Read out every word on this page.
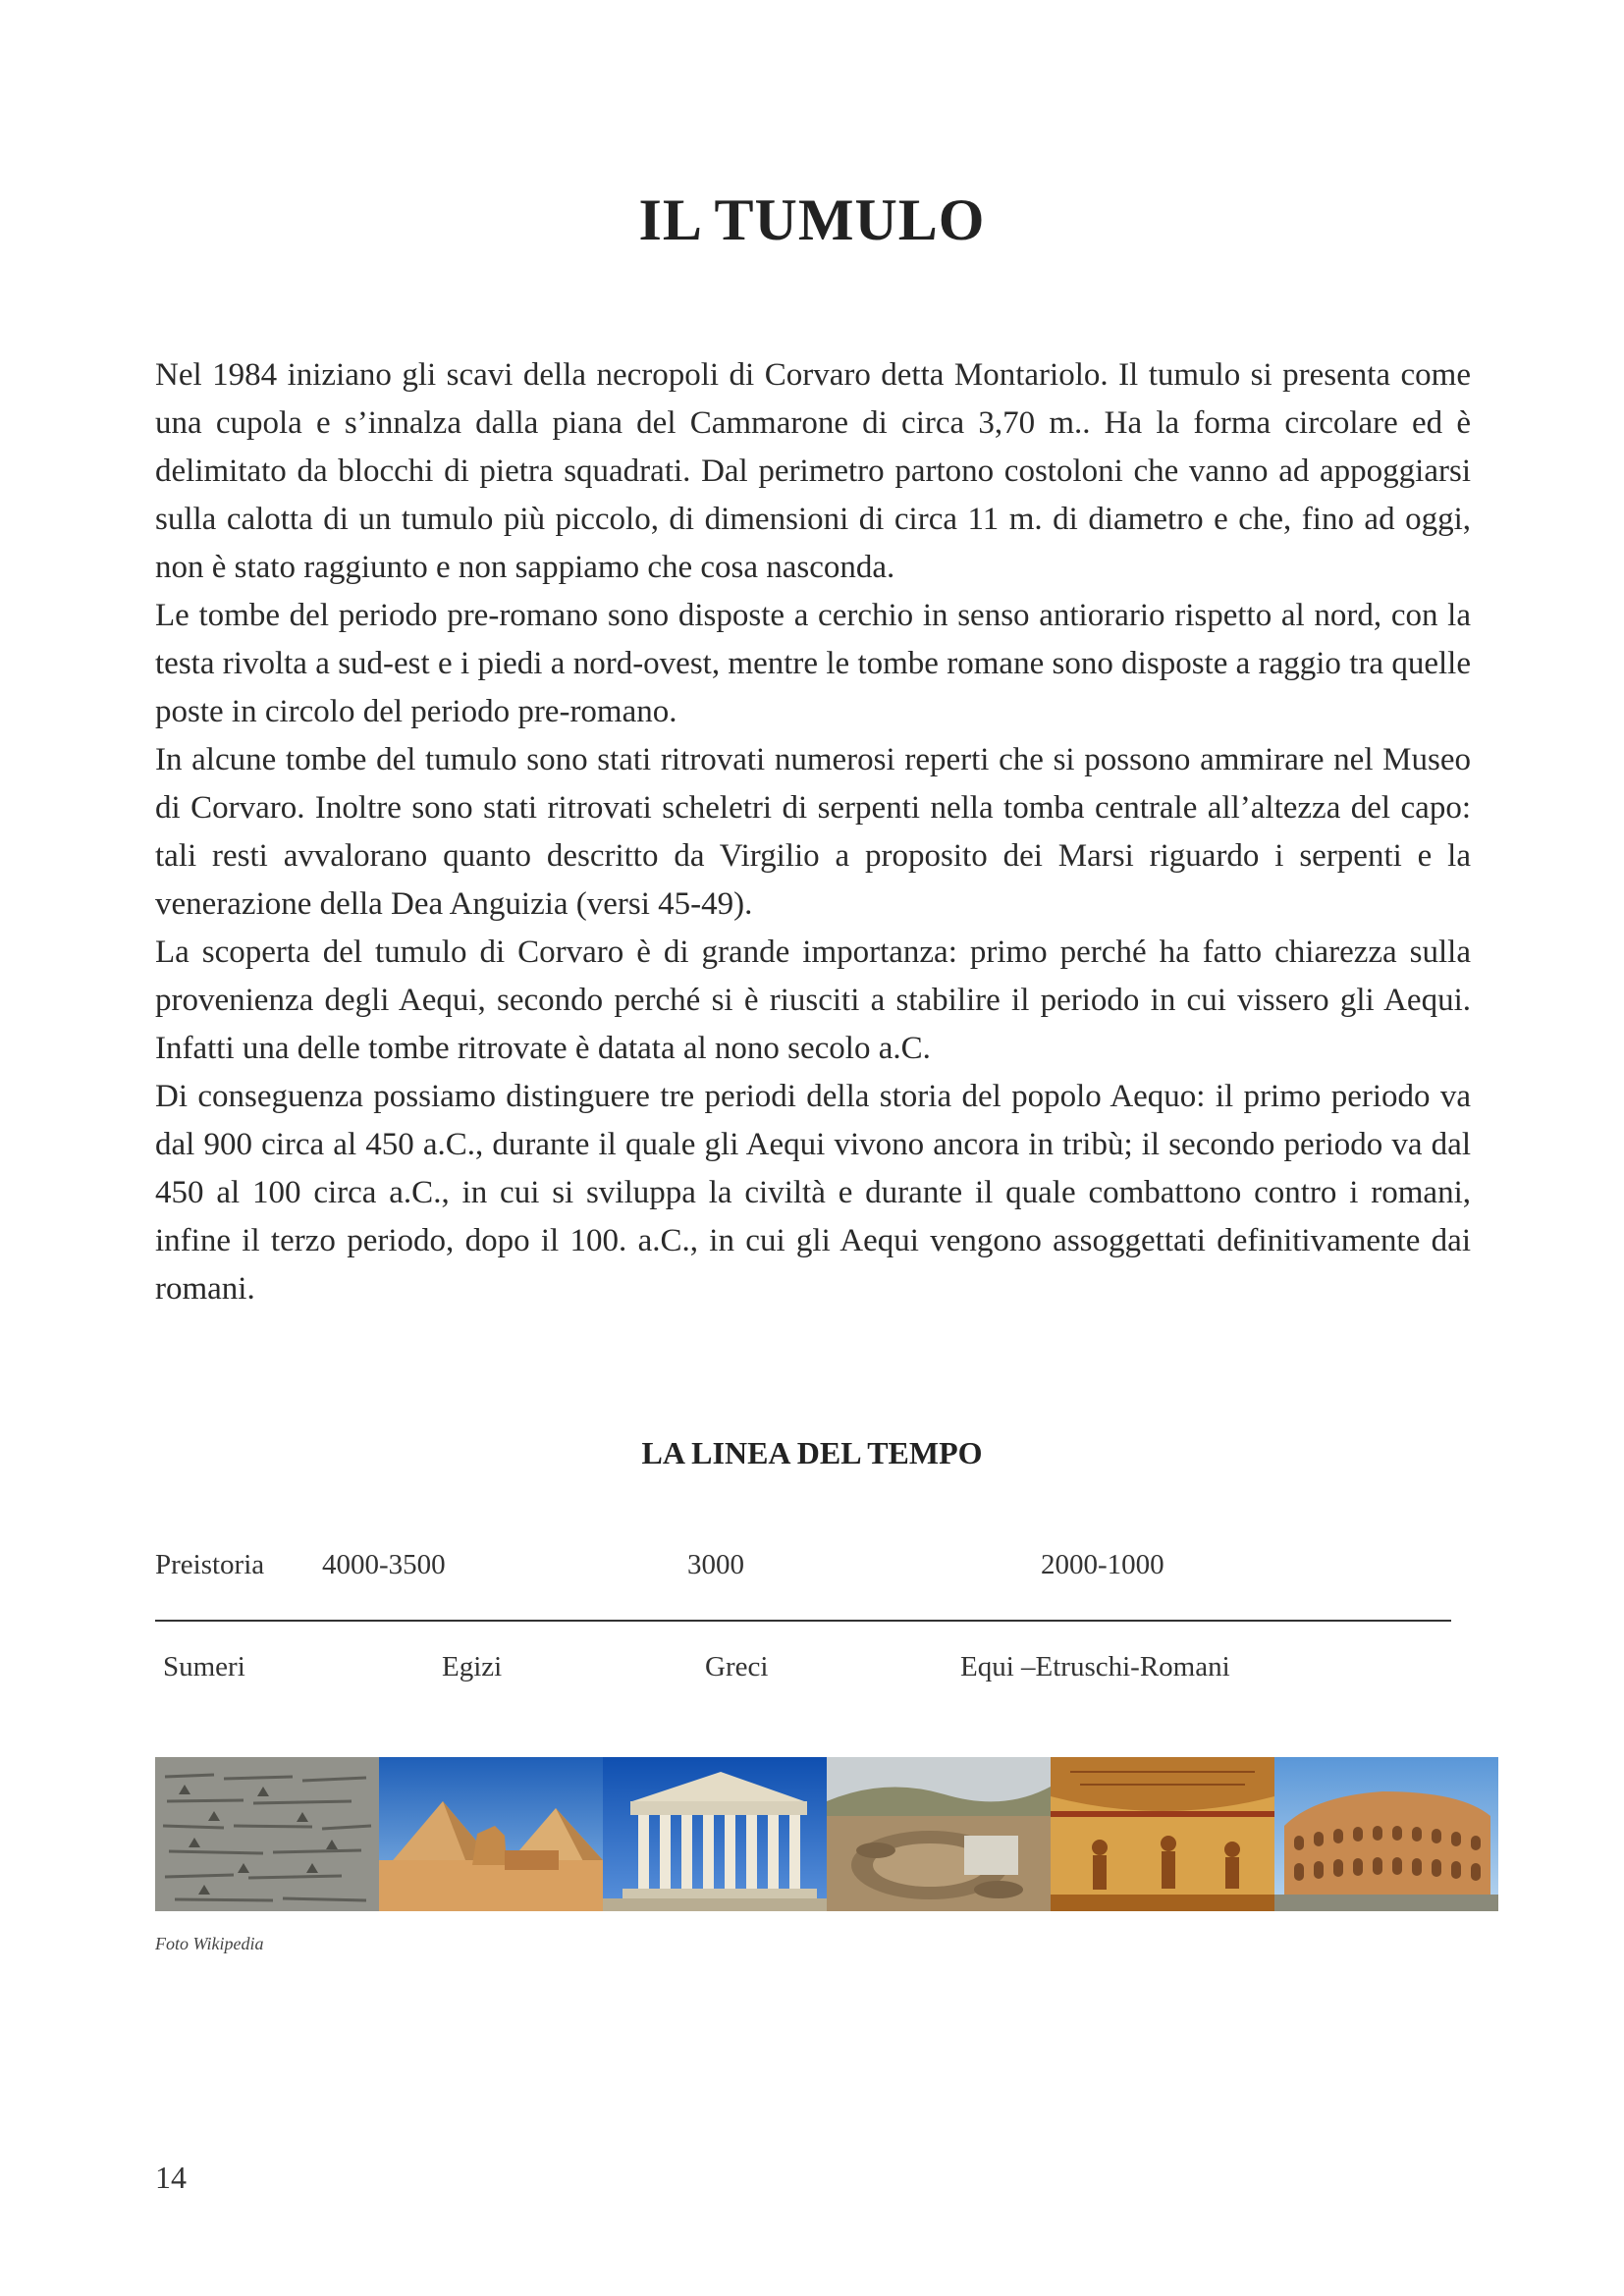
IL TUMULO

Nel 1984 iniziano gli scavi della necropoli di Corvaro detta Montariolo. Il tumulo si presenta come una cupola e s’innalza dalla piana del Cammarone di circa 3,70 m.. Ha la forma circolare ed è delimitato da blocchi di pietra squadrati. Dal perimetro partono costoloni che vanno ad appoggiarsi sulla calotta di un tumulo più piccolo, di dimensioni di circa 11 m. di diametro e che, fino ad oggi, non è stato raggiunto e non sappiamo che cosa nasconda.

Le tombe del periodo pre-romano sono disposte a cerchio in senso antiorario rispetto al nord, con la testa rivolta a sud-est e i piedi a nord-ovest, mentre le tombe romane sono disposte a raggio tra quelle poste in circolo del periodo pre-romano.

In alcune tombe del tumulo sono stati ritrovati numerosi reperti che si possono ammirare nel Museo di Corvaro. Inoltre sono stati ritrovati scheletri di serpenti nella tomba centrale all’altezza del capo: tali resti avvalorano quanto descritto da Virgilio a proposito dei Marsi riguardo i serpenti e la venerazione della Dea Anguizia (versi 45-49).

La scoperta del tumulo di Corvaro è di grande importanza: primo perché ha fatto chiarezza sulla provenienza degli Aequi, secondo perché si è riusciti a stabilire il periodo in cui vissero gli Aequi. Infatti una delle tombe ritrovate è datata al nono secolo a.C.

Di conseguenza possiamo distinguere tre periodi della storia del popolo Aequo: il primo periodo va dal 900 circa al 450 a.C., durante il quale gli Aequi vivono ancora in tribù; il secondo periodo va dal 450 al 100 circa a.C., in cui si sviluppa la civiltà e durante il quale combattono contro i romani, infine il terzo periodo, dopo il 100. a.C., in cui gli Aequi vengono assoggettati definitivamente dai romani.

LA LINEA DEL TEMPO
Preistoria 4000-3500	3000	2000-1000
Sumeri	Egizi	Greci	Equi –Etruschi-Romani
Foto Wikipedia
14
